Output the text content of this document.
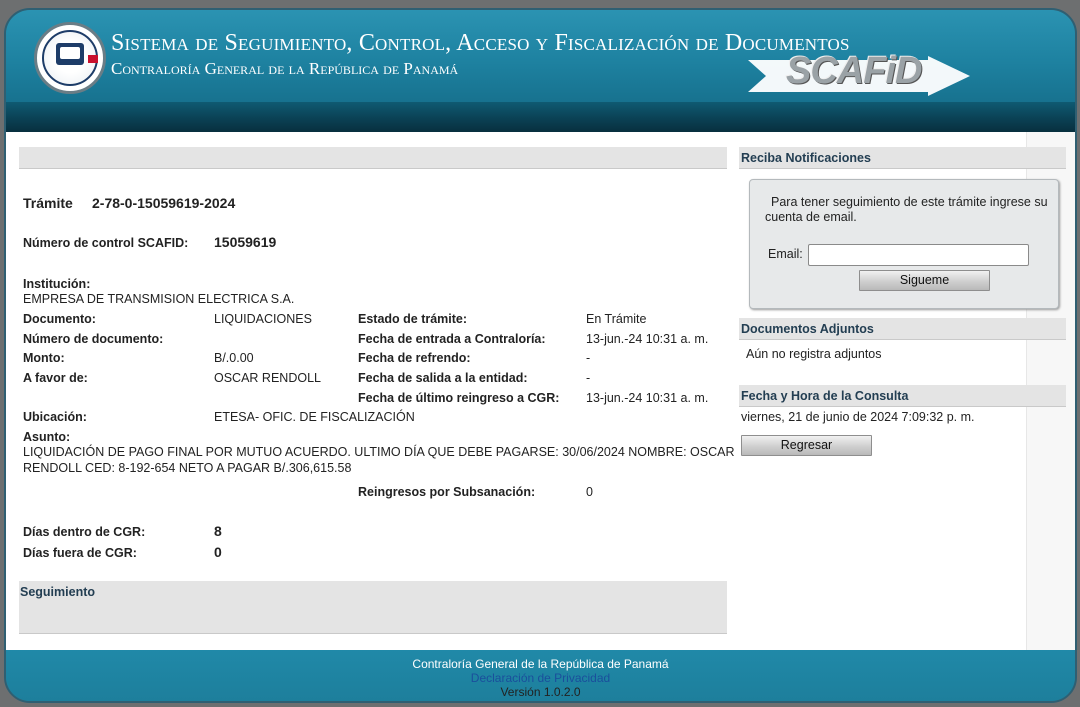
Sistema de Seguimiento, Control, Acceso y Fiscalización de Documentos
Contraloría General de la República de Panamá	SCAFiD
Trámite 2-78-0-15059619-2024
Número de control SCAFID: 15059619
Institución:
EMPRESA DE TRANSMISION ELECTRICA S.A.
Documento:	LIQUIDACIONES
Número de documento:
Monto:	B/.0.00
A favor de:	OSCAR RENDOLL
Ubicación:	ETESA- OFIC. DE FISCALIZACIÓN
Estado de trámite:	En Trámite
Fecha de entrada a Contraloría:	13-jun.-24 10:31 a. m.
Fecha de refrendo:	-
Fecha de salida a la entidad:	-
Fecha de último reingreso a CGR: 13-jun.-24 10:31 a. m.
Asunto:
LIQUIDACIÓN DE PAGO FINAL POR MUTUO ACUERDO. ULTIMO DÍA QUE DEBE PAGARSE: 30/06/2024 NOMBRE: OSCAR
RENDOLL CED: 8-192-654 NETO A PAGAR B/.306,615.58
Reingresos por Subsanación:	0
Días dentro de CGR:	8
Días fuera de CGR:	0
Seguimiento
Reciba Notificaciones
Para tener seguimiento de este trámite ingrese su cuenta de email.
Email:
Sigueme
Documentos Adjuntos
Aún no registra adjuntos
Fecha y Hora de la Consulta
viernes, 21 de junio de 2024 7:09:32 p. m.
Regresar
Contraloría General de la República de Panamá
Declaración de Privacidad
Versión 1.0.2.0
